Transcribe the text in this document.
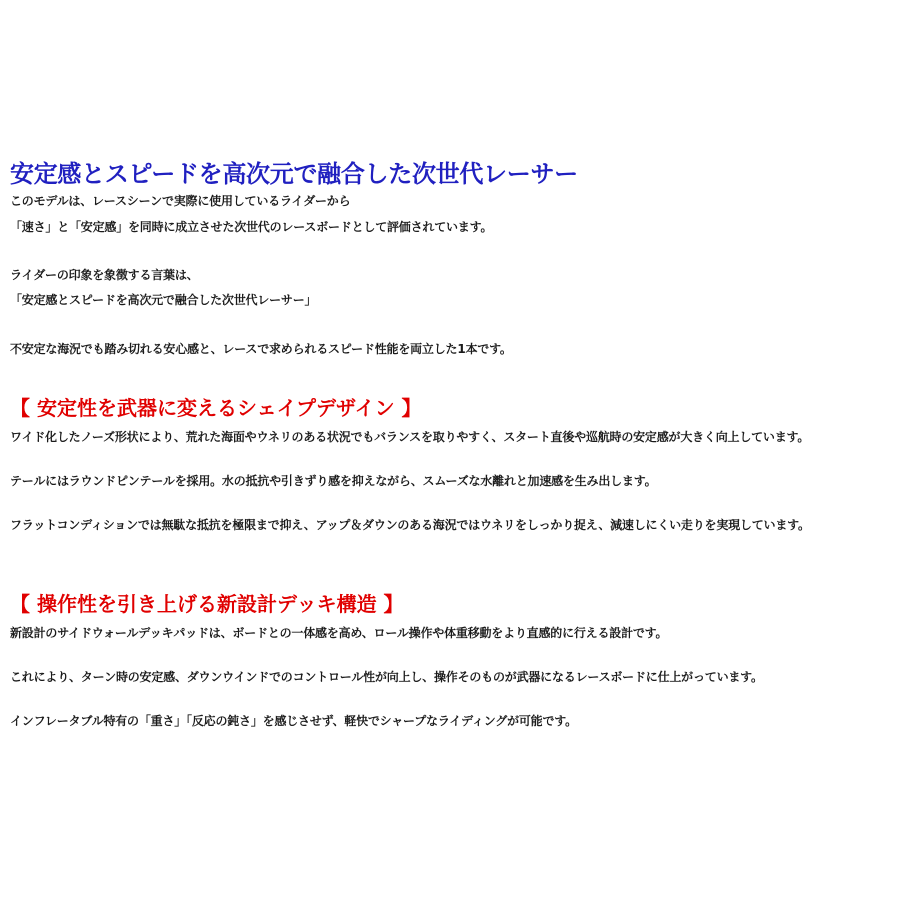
安定感とスピードを高次元で融合した次世代レーサー

このモデルは、レースシーンで実際に使用しているライダーから

「速さ」と「安定感」を同時に成立させた次世代のレースボードとして評価されています。

ライダーの印象を象徴する言葉は、

「安定感とスピードを高次元で融合した次世代レーサー」

不安定な海況でも踏み切れる安心感と、レースで求められるスピード性能を両立した1本です。

【 安定性を武器に変えるシェイプデザイン 】

ワイド化したノーズ形状により、荒れた海面やウネリのある状況でもバランスを取りやすく、スタート直後や巡航時の安定感が大きく向上しています。

テールにはラウンドピンテールを採用。水の抵抗や引きずり感を抑えながら、スムーズな水離れと加速感を生み出します。

フラットコンディションでは無駄な抵抗を極限まで抑え、アップ＆ダウンのある海況ではウネリをしっかり捉え、減速しにくい走りを実現しています。

【 操作性を引き上げる新設計デッキ構造 】

新設計のサイドウォールデッキパッドは、ボードとの一体感を高め、ロール操作や体重移動をより直感的に行える設計です。

これにより、ターン時の安定感、ダウンウインドでのコントロール性が向上し、操作そのものが武器になるレースボードに仕上がっています。

インフレータブル特有の「重さ」「反応の鈍さ」を感じさせず、軽快でシャープなライディングが可能です。
